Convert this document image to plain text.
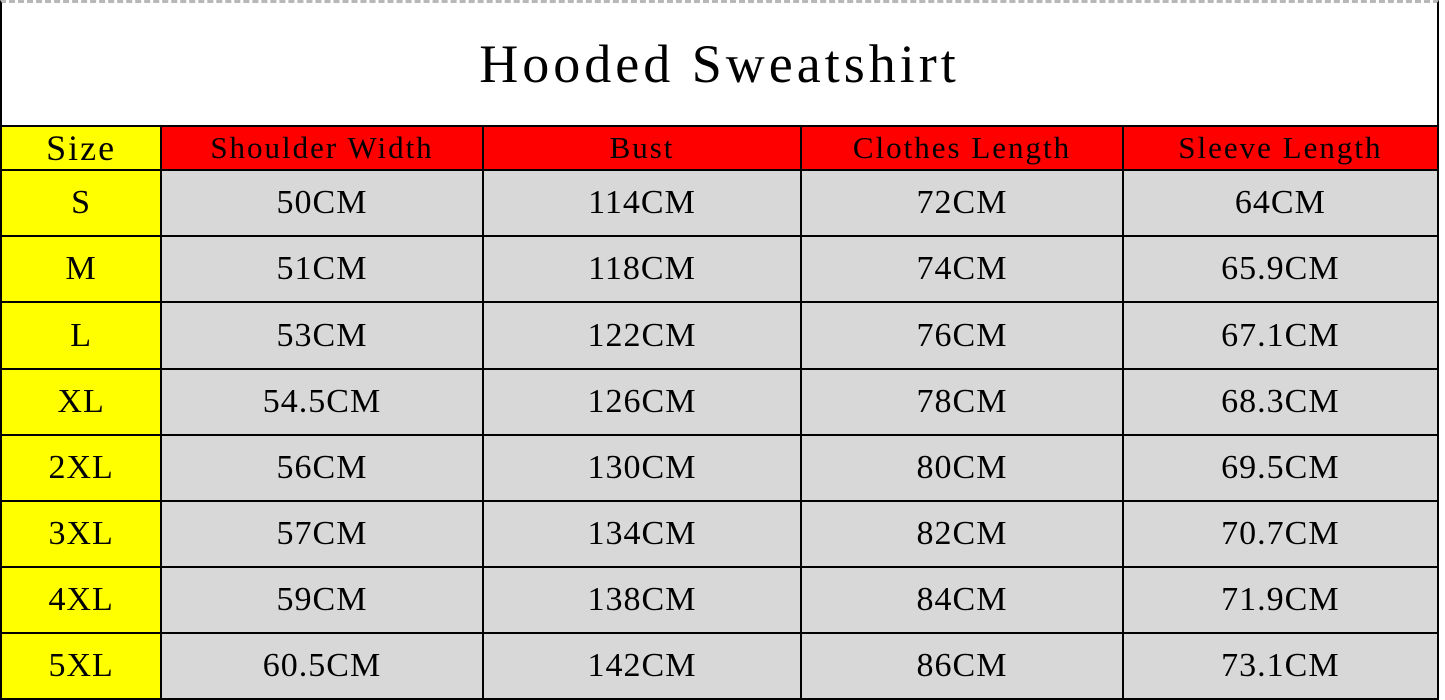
Hooded Sweatshirt
Size	Shoulder Width	Bust	Clothes Length	Sleeve Length
S	50CM	114CM	72CM	64CM
M	51CM	118CM	74CM	65.9CM
L	53CM	122CM	76CM	67.1CM
XL	54.5CM	126CM	78CM	68.3CM
2XL	56CM	130CM	80CM	69.5CM
3XL	57CM	134CM	82CM	70.7CM
4XL	59CM	138CM	84CM	71.9CM
5XL	60.5CM	142CM	86CM	73.1CM
